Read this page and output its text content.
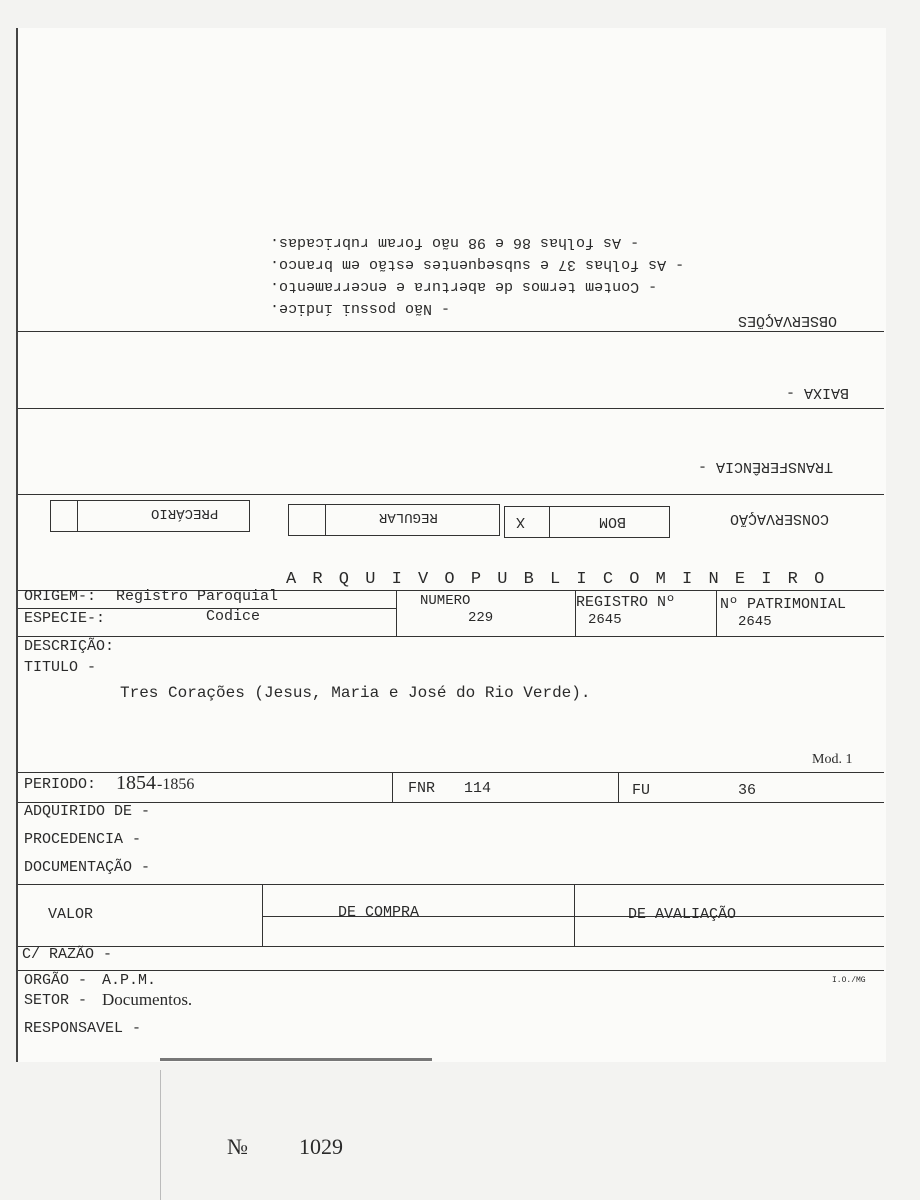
- As folhas 86 e 98 não foram rubricadas.
- As folhas 37 e subsequentes estão em branco.
- Contem termos de abertura e encerramento.
- Não possui índice.
OBSERVAÇÕES
BAIXA -
TRANSFERÊNCIA -
CONSERVAÇÃO
X	BOM
REGULAR
PRECÁRIO
A R Q U I V O P U B L I C O M I N E I R O
ORIGEM-: Registro Paroquial
ESPECIE-:	Codice
NUMERO
229
REGISTRO Nº
2645
Nº PATRIMONIAL
2645
DESCRIÇÃO:
TITULO -
Tres Corações (Jesus, Maria e José do Rio Verde).
Mod. 1
PERIODO: 1854 -1856	FNR 114	FU	36
ADQUIRIDO DE -
PROCEDENCIA -
DOCUMENTAÇÃO -
VALOR	DE COMPRA	DE AVALIAÇÃO
C/ RAZÃO -
ORGÃO - A.P.M.	I.O./MG
SETOR - Documentos.
RESPONSAVEL -
№ 1029
